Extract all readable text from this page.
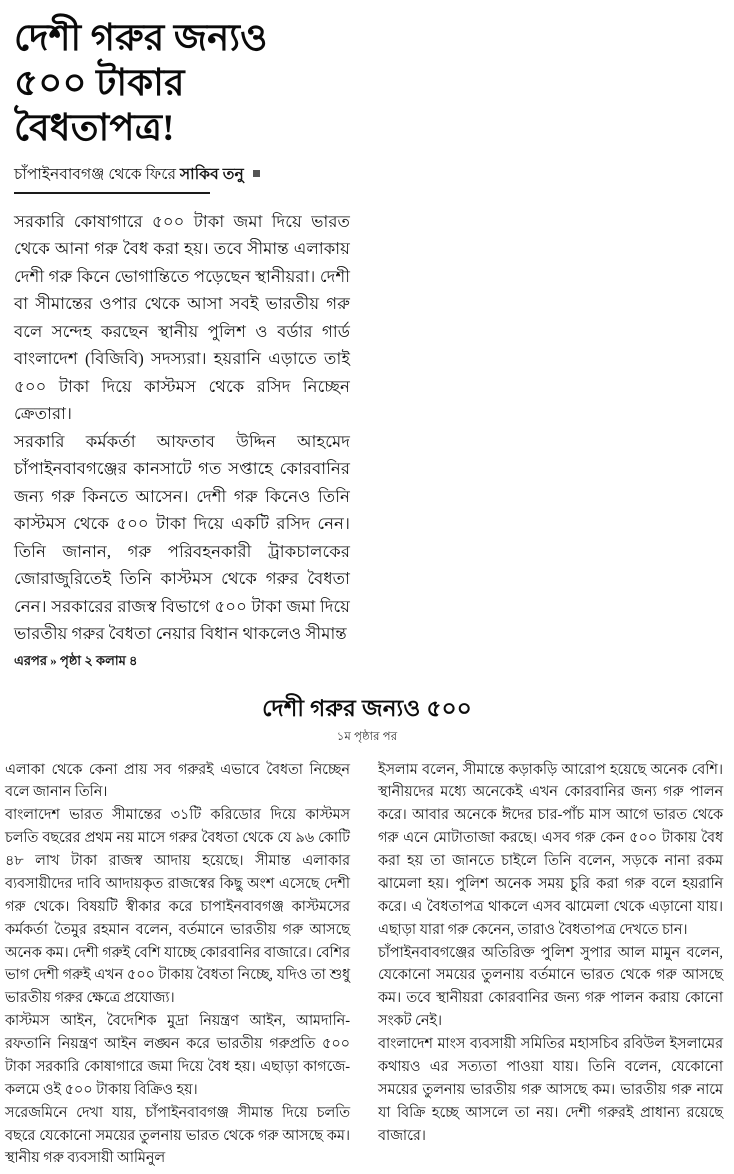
দেশী গরুর জন্যও
৫০০ টাকার
বৈধতাপত্র!
চাঁপাইনবাবগঞ্জ থেকে ফিরে সাকিব তনু

সরকারি কোষাগারে ৫০০ টাকা জমা দিয়ে ভারত থেকে আনা গরু বৈধ করা হয়। তবে সীমান্ত এলাকায় দেশী গরু কিনে ভোগান্তিতে পড়েছেন স্থানীয়রা। দেশী বা সীমান্তের ওপার থেকে আসা সবই ভারতীয় গরু বলে সন্দেহ করছেন স্থানীয় পুলিশ ও বর্ডার গার্ড বাংলাদেশ (বিজিবি) সদস্যরা। হয়রানি এড়াতে তাই ৫০০ টাকা দিয়ে কাস্টমস থেকে রসিদ নিচ্ছেন ক্রেতারা।

সরকারি কর্মকর্তা আফতাব উদ্দিন আহমেদ চাঁপাইনবাবগঞ্জের কানসাটে গত সপ্তাহে কোরবানির জন্য গরু কিনতে আসেন। দেশী গরু কিনেও তিনি কাস্টমস থেকে ৫০০ টাকা দিয়ে একটি রসিদ নেন। তিনি জানান, গরু পরিবহনকারী ট্রাকচালকের জোরাজুরিতেই তিনি কাস্টমস থেকে গরুর বৈধতা নেন। সরকারের রাজস্ব বিভাগে ৫০০ টাকা জমা দিয়ে ভারতীয় গরুর বৈধতা নেয়ার বিধান থাকলেও সীমান্ত

এরপর » পৃষ্ঠা ২ কলাম ৪
দেশী গরুর জন্যও ৫০০
১ম পৃষ্ঠার পর

এলাকা থেকে কেনা প্রায় সব গরুরই এভাবে বৈধতা নিচ্ছেন বলে জানান তিনি।

বাংলাদেশ ভারত সীমান্তের ৩১টি করিডোর দিয়ে কাস্টমস চলতি বছরের প্রথম নয় মাসে গরুর বৈধতা থেকে যে ৯৬ কোটি ৪৮ লাখ টাকা রাজস্ব আদায় হয়েছে। সীমান্ত এলাকার ব্যবসায়ীদের দাবি আদায়কৃত রাজস্বের কিছু অংশ এসেছে দেশী গরু থেকে। বিষয়টি স্বীকার করে চাপাইনবাবগঞ্জ কাস্টমসের কর্মকর্তা তৈমুর রহমান বলেন, বর্তমানে ভারতীয় গরু আসছে অনেক কম। দেশী গরুই বেশি যাচ্ছে কোরবানির বাজারে। বেশির ভাগ দেশী গরুই এখন ৫০০ টাকায় বৈধতা নিচ্ছে, যদিও তা শুধু ভারতীয় গরুর ক্ষেত্রে প্রযোজ্য।

কাস্টমস আইন, বৈদেশিক মুদ্রা নিয়ন্ত্রণ আইন, আমদানি-রফতানি নিয়ন্ত্রণ আইন লঙ্ঘন করে ভারতীয় গরুপ্রতি ৫০০ টাকা সরকারি কোষাগারে জমা দিয়ে বৈধ হয়। এছাড়া কাগজে-কলমে ওই ৫০০ টাকায় বিক্রিও হয়।

সরেজমিনে দেখা যায়, চাঁপাইনবাবগঞ্জ সীমান্ত দিয়ে চলতি বছরে যেকোনো সময়ের তুলনায় ভারত থেকে গরু আসছে কম। স্থানীয় গরু ব্যবসায়ী আমিনুল

ইসলাম বলেন, সীমান্তে কড়াকড়ি আরোপ হয়েছে অনেক বেশি। স্থানীয়দের মধ্যে অনেকেই এখন কোরবানির জন্য গরু পালন করে। আবার অনেকে ঈদের চার-পাঁচ মাস আগে ভারত থেকে গরু এনে মোটাতাজা করছে। এসব গরু কেন ৫০০ টাকায় বৈধ করা হয় তা জানতে চাইলে তিনি বলেন, সড়কে নানা রকম ঝামেলা হয়। পুলিশ অনেক সময় চুরি করা গরু বলে হয়রানি করে। এ বৈধতাপত্র থাকলে এসব ঝামেলা থেকে এড়ানো যায়। এছাড়া যারা গরু কেনেন, তারাও বৈধতাপত্র দেখতে চান।

চাঁপাইনবাবগঞ্জের অতিরিক্ত পুলিশ সুপার আল মামুন বলেন, যেকোনো সময়ের তুলনায় বর্তমানে ভারত থেকে গরু আসছে কম। তবে স্থানীয়রা কোরবানির জন্য গরু পালন করায় কোনো সংকট নেই।

বাংলাদেশ মাংস ব্যবসায়ী সমিতির মহাসচিব রবিউল ইসলামের কথায়ও এর সত্যতা পাওয়া যায়। তিনি বলেন, যেকোনো সময়ের তুলনায় ভারতীয় গরু আসছে কম। ভারতীয় গরু নামে যা বিক্রি হচ্ছে আসলে তা নয়। দেশী গরুরই প্রাধান্য রয়েছে বাজারে।
